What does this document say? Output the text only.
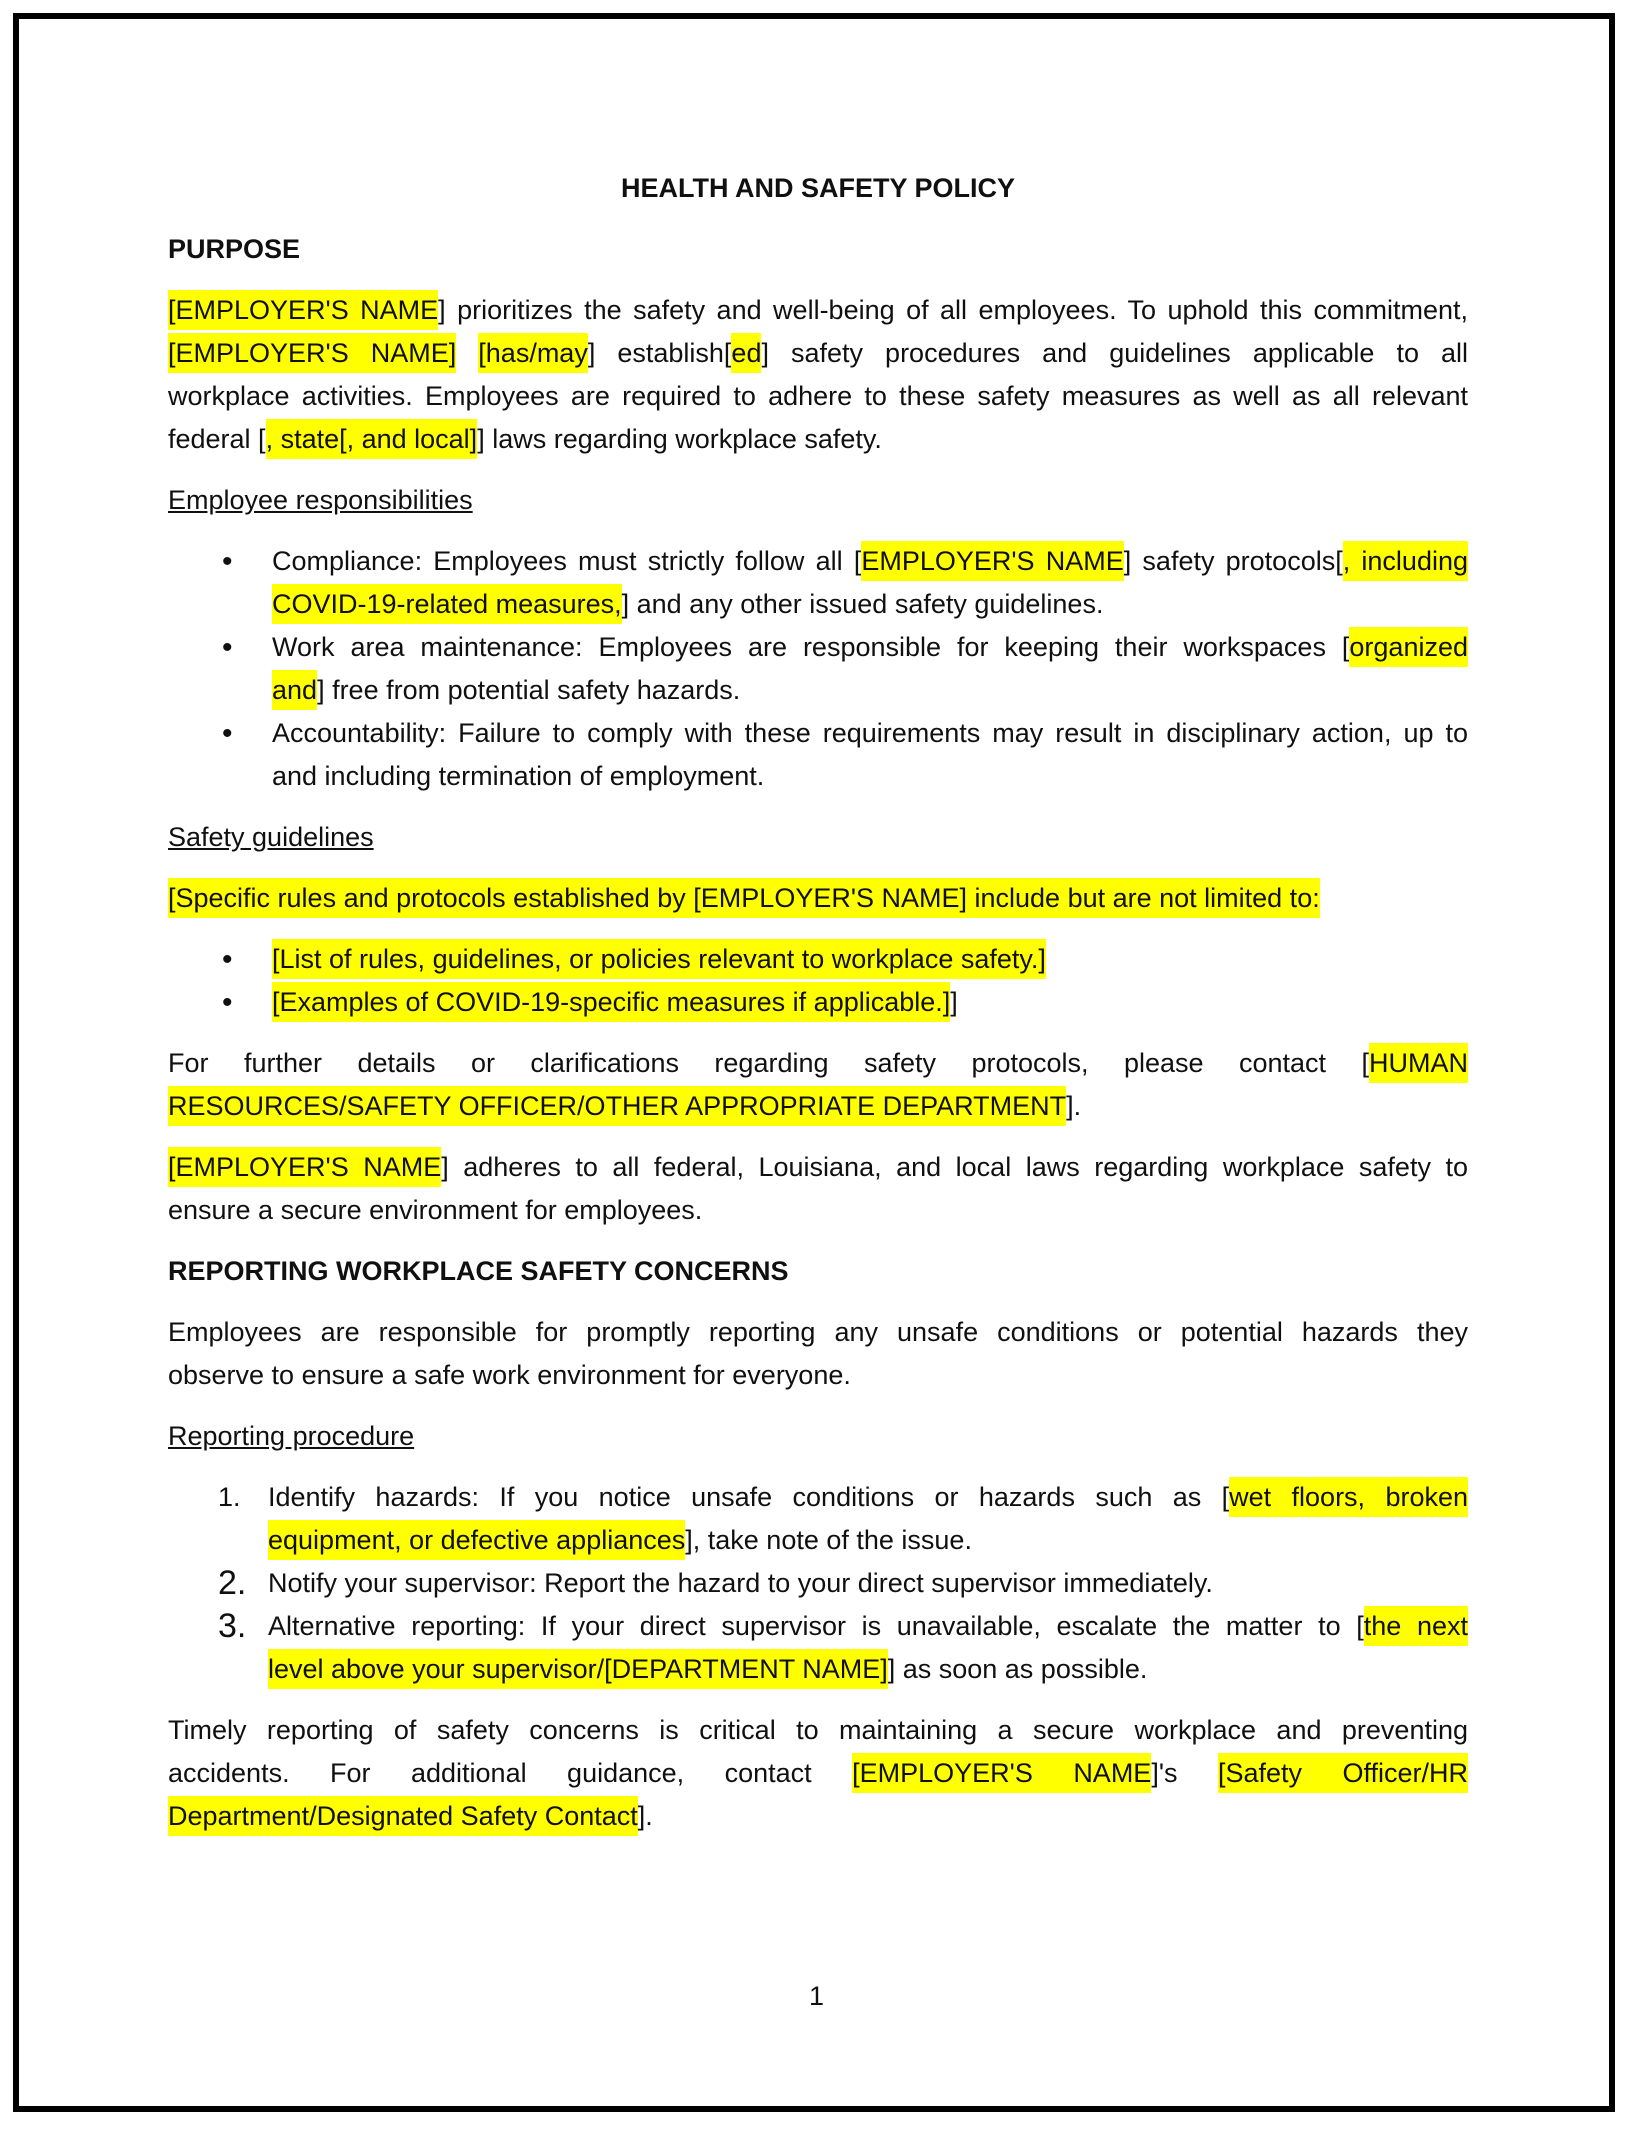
HEALTH AND SAFETY POLICY
PURPOSE
[EMPLOYER'S NAME] prioritizes the safety and well-being of all employees. To uphold this commitment,
[EMPLOYER'S NAME] [has/may] establish[ed] safety procedures and guidelines applicable to all
workplace activities. Employees are required to adhere to these safety measures as well as all relevant
federal [, state[, and local]] laws regarding workplace safety.
Employee responsibilities
• Compliance: Employees must strictly follow all [EMPLOYER'S NAME] safety protocols[, including
COVID-19-related measures,] and any other issued safety guidelines.
• Work area maintenance: Employees are responsible for keeping their workspaces [organized
and] free from potential safety hazards.
• Accountability: Failure to comply with these requirements may result in disciplinary action, up to
and including termination of employment.
Safety guidelines
[Specific rules and protocols established by [EMPLOYER'S NAME] include but are not limited to:
• [List of rules, guidelines, or policies relevant to workplace safety.]
• [Examples of COVID-19-specific measures if applicable.]]
For further details or clarifications regarding safety protocols, please contact [HUMAN
RESOURCES/SAFETY OFFICER/OTHER APPROPRIATE DEPARTMENT].
[EMPLOYER'S NAME] adheres to all federal, Louisiana, and local laws regarding workplace safety to
ensure a secure environment for employees.
REPORTING WORKPLACE SAFETY CONCERNS
Employees are responsible for promptly reporting any unsafe conditions or potential hazards they
observe to ensure a safe work environment for everyone.
Reporting procedure
1. Identify hazards: If you notice unsafe conditions or hazards such as [wet floors, broken
equipment, or defective appliances], take note of the issue.
2. Notify your supervisor: Report the hazard to your direct supervisor immediately.
3. Alternative reporting: If your direct supervisor is unavailable, escalate the matter to [the next
level above your supervisor/[DEPARTMENT NAME]] as soon as possible.
Timely reporting of safety concerns is critical to maintaining a secure workplace and preventing
accidents. For additional guidance, contact [EMPLOYER'S NAME]'s [Safety Officer/HR
Department/Designated Safety Contact].
1
